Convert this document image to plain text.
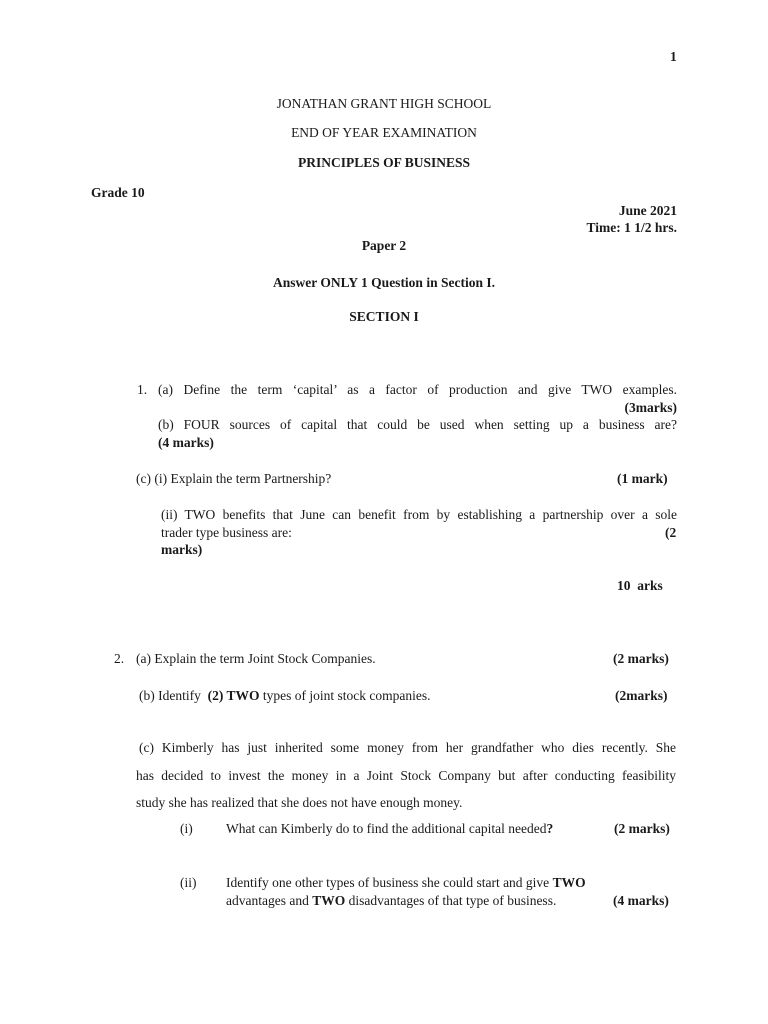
1
JONATHAN GRANT HIGH SCHOOL
END OF YEAR EXAMINATION
PRINCIPLES OF BUSINESS
Grade 10
June 2021
Time: 1 1/2 hrs.
Paper 2
Answer ONLY 1 Question in Section I.
SECTION I
1. (a) Define the term ‘capital’ as a factor of production and give TWO examples.
(3marks)
(b) FOUR sources of capital that could be used when setting up a business are?
(4 marks)
(c) (i) Explain the term Partnership?	(1 mark)
(ii) TWO benefits that June can benefit from by establishing a partnership over a sole
trader type business are:	(2
marks)
10  arks
2. (a) Explain the term Joint Stock Companies.	(2 marks)
(b) Identify  (2) TWO types of joint stock companies.	(2marks)
(c) Kimberly has just inherited some money from her grandfather who dies recently. She
has decided to invest the money in a Joint Stock Company but after conducting feasibility
study she has realized that she does not have enough money.
(i) What can Kimberly do to find the additional capital needed?	(2 marks)
(ii) Identify one other types of business she could start and give TWO
advantages and TWO disadvantages of that type of business.	(4 marks)
